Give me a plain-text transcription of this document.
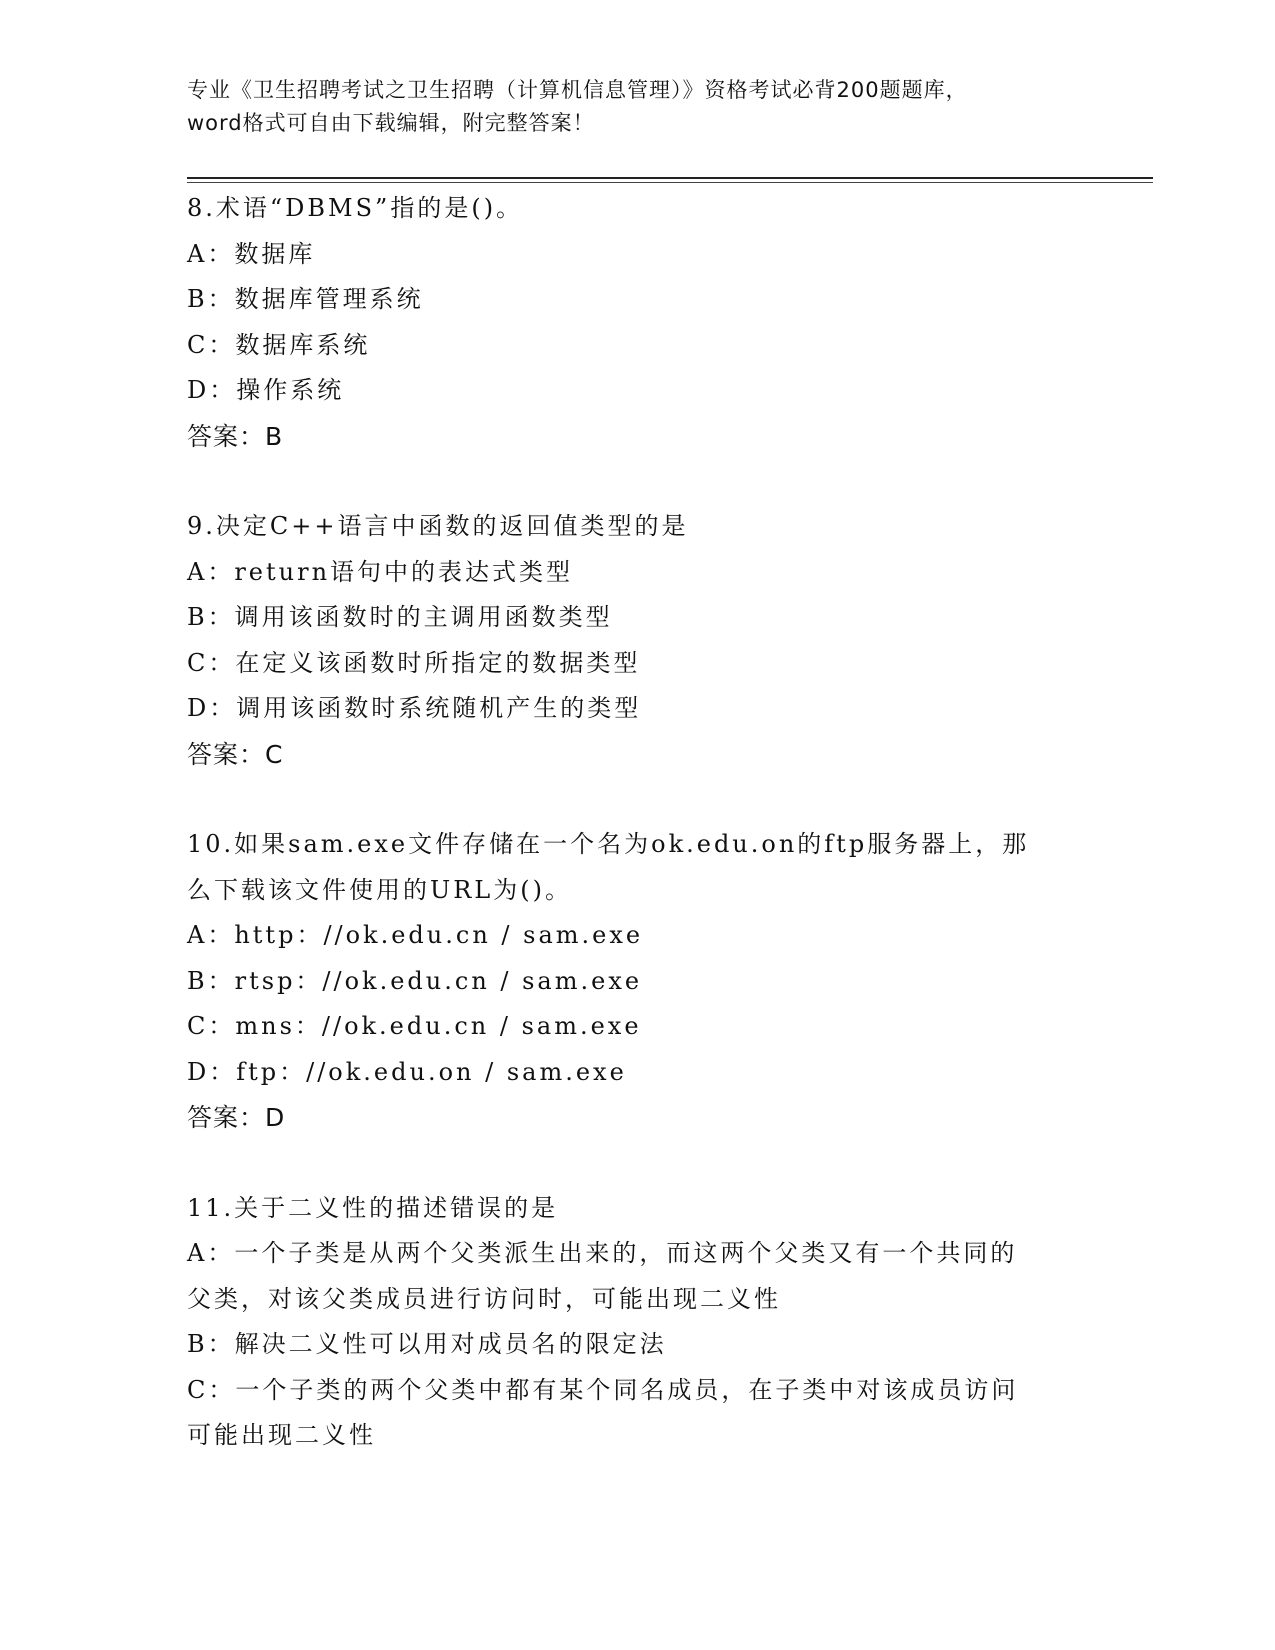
专业《卫生招聘考试之卫生招聘（计算机信息管理）》资格考试必背200题题库，
word格式可自由下载编辑，附完整答案！
8.术语“DBMS”指的是()。
A：数据库
B：数据库管理系统
C：数据库系统
D：操作系统
答案：B
9.决定C++语言中函数的返回值类型的是
A：return语句中的表达式类型
B：调用该函数时的主调用函数类型
C：在定义该函数时所指定的数据类型
D：调用该函数时系统随机产生的类型
答案：C
10.如果sam.exe文件存储在一个名为ok.edu.on的ftp服务器上，那
么下载该文件使用的URL为()。
A：http：//ok.edu.cn / sam.exe
B：rtsp：//ok.edu.cn / sam.exe
C：mns：//ok.edu.cn / sam.exe
D：ftp：//ok.edu.on / sam.exe
答案：D
11.关于二义性的描述错误的是
A：一个子类是从两个父类派生出来的，而这两个父类又有一个共同的
父类，对该父类成员进行访问时，可能出现二义性
B：解决二义性可以用对成员名的限定法
C：一个子类的两个父类中都有某个同名成员，在子类中对该成员访问
可能出现二义性
